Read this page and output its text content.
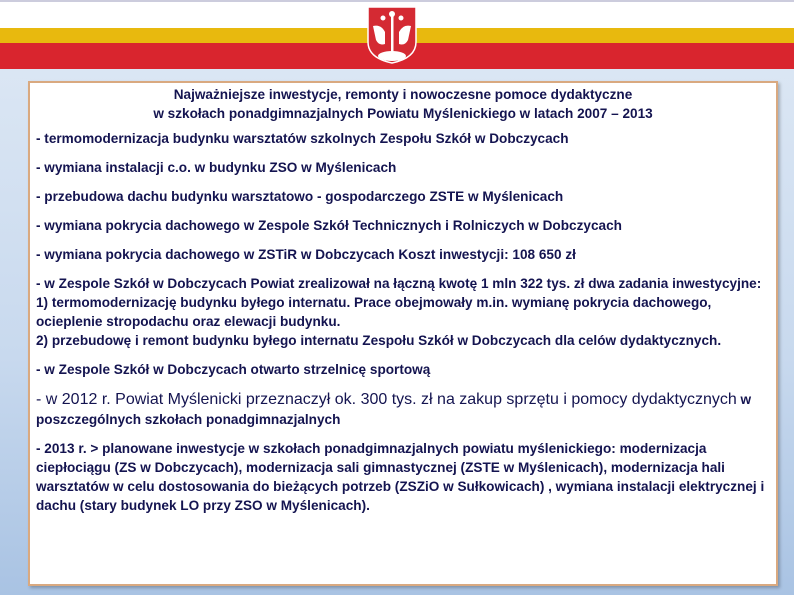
Najważniejsze inwestycje, remonty i nowoczesne pomoce dydaktyczne
w szkołach ponadgimnazjalnych Powiatu Myślenickiego w latach 2007 – 2013
- termomodernizacja budynku warsztatów szkolnych Zespołu Szkół w Dobczycach
- wymiana instalacji c.o. w budynku ZSO w Myślenicach
- przebudowa dachu budynku warsztatowo - gospodarczego ZSTE w Myślenicach
- wymiana pokrycia dachowego w Zespole Szkół Technicznych i Rolniczych w Dobczycach
- wymiana pokrycia dachowego w ZSTiR w Dobczycach Koszt inwestycji: 108 650 zł
- w Zespole Szkół w Dobczycach Powiat zrealizował na łączną kwotę 1 mln 322 tys. zł dwa zadania inwestycyjne:
1) termomodernizację budynku byłego internatu. Prace obejmowały m.in. wymianę pokrycia dachowego, ocieplenie stropodachu oraz elewacji budynku.
2) przebudowę i remont budynku byłego internatu Zespołu Szkół w Dobczycach dla celów dydaktycznych.
- w Zespole Szkół w Dobczycach otwarto strzelnicę sportową
- w 2012 r. Powiat Myślenicki przeznaczył ok. 300 tys. zł na zakup sprzętu i pomocy dydaktycznych w poszczególnych szkołach ponadgimnazjalnych
- 2013 r. > planowane inwestycje w szkołach ponadgimnazjalnych powiatu myślenickiego: modernizacja ciepłociągu (ZS w Dobczycach), modernizacja sali gimnastycznej (ZSTE w Myślenicach), modernizacja hali warsztatów w celu dostosowania do bieżących potrzeb (ZSZiO w Sułkowicach) , wymiana instalacji elektrycznej i dachu (stary budynek LO przy ZSO w Myślenicach).
